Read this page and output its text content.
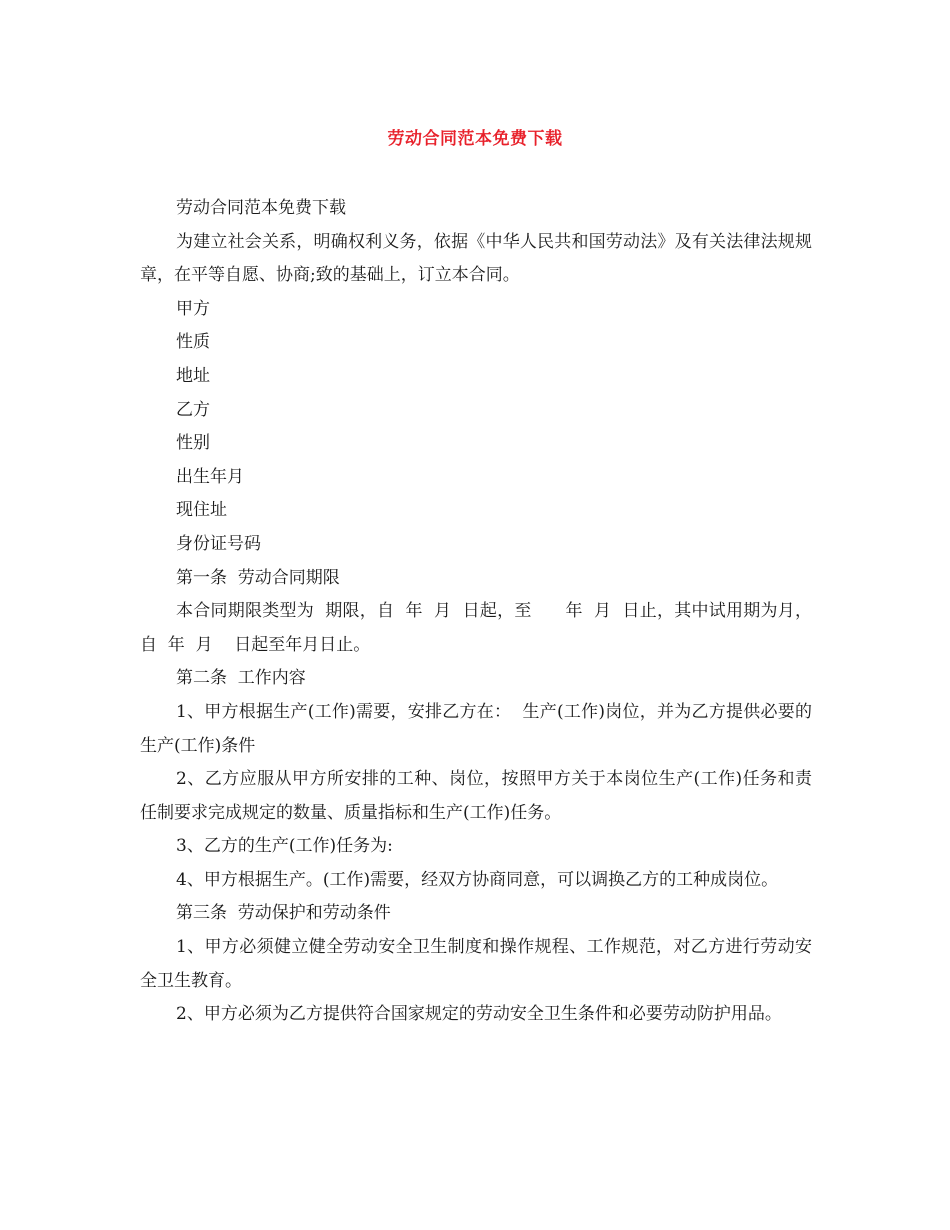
劳动合同范本免费下载

劳动合同范本免费下载

为建立社会关系，明确权利义务，依据《中华人民共和国劳动法》及有关法律法规规章，在平等自愿、协商;致的基础上，订立本合同。

甲方

性质

地址

乙方

性别

出生年月

现住址

身份证号码

第一条  劳动合同期限

本合同期限类型为  期限，自  年  月  日起，至      年  月  日止，其中试用期为月，自  年  月    日起至年月日止。

第二条  工作内容

1、甲方根据生产(工作)需要，安排乙方在：  生产(工作)岗位，并为乙方提供必要的生产(工作)条件

2、乙方应服从甲方所安排的工种、岗位，按照甲方关于本岗位生产(工作)任务和责任制要求完成规定的数量、质量指标和生产(工作)任务。

3、乙方的生产(工作)任务为:

4、甲方根据生产。(工作)需要，经双方协商同意，可以调换乙方的工种成岗位。

第三条  劳动保护和劳动条件

1、甲方必须健立健全劳动安全卫生制度和操作规程、工作规范，对乙方进行劳动安全卫生教育。

2、甲方必须为乙方提供符合国家规定的劳动安全卫生条件和必要劳动防护用品。
